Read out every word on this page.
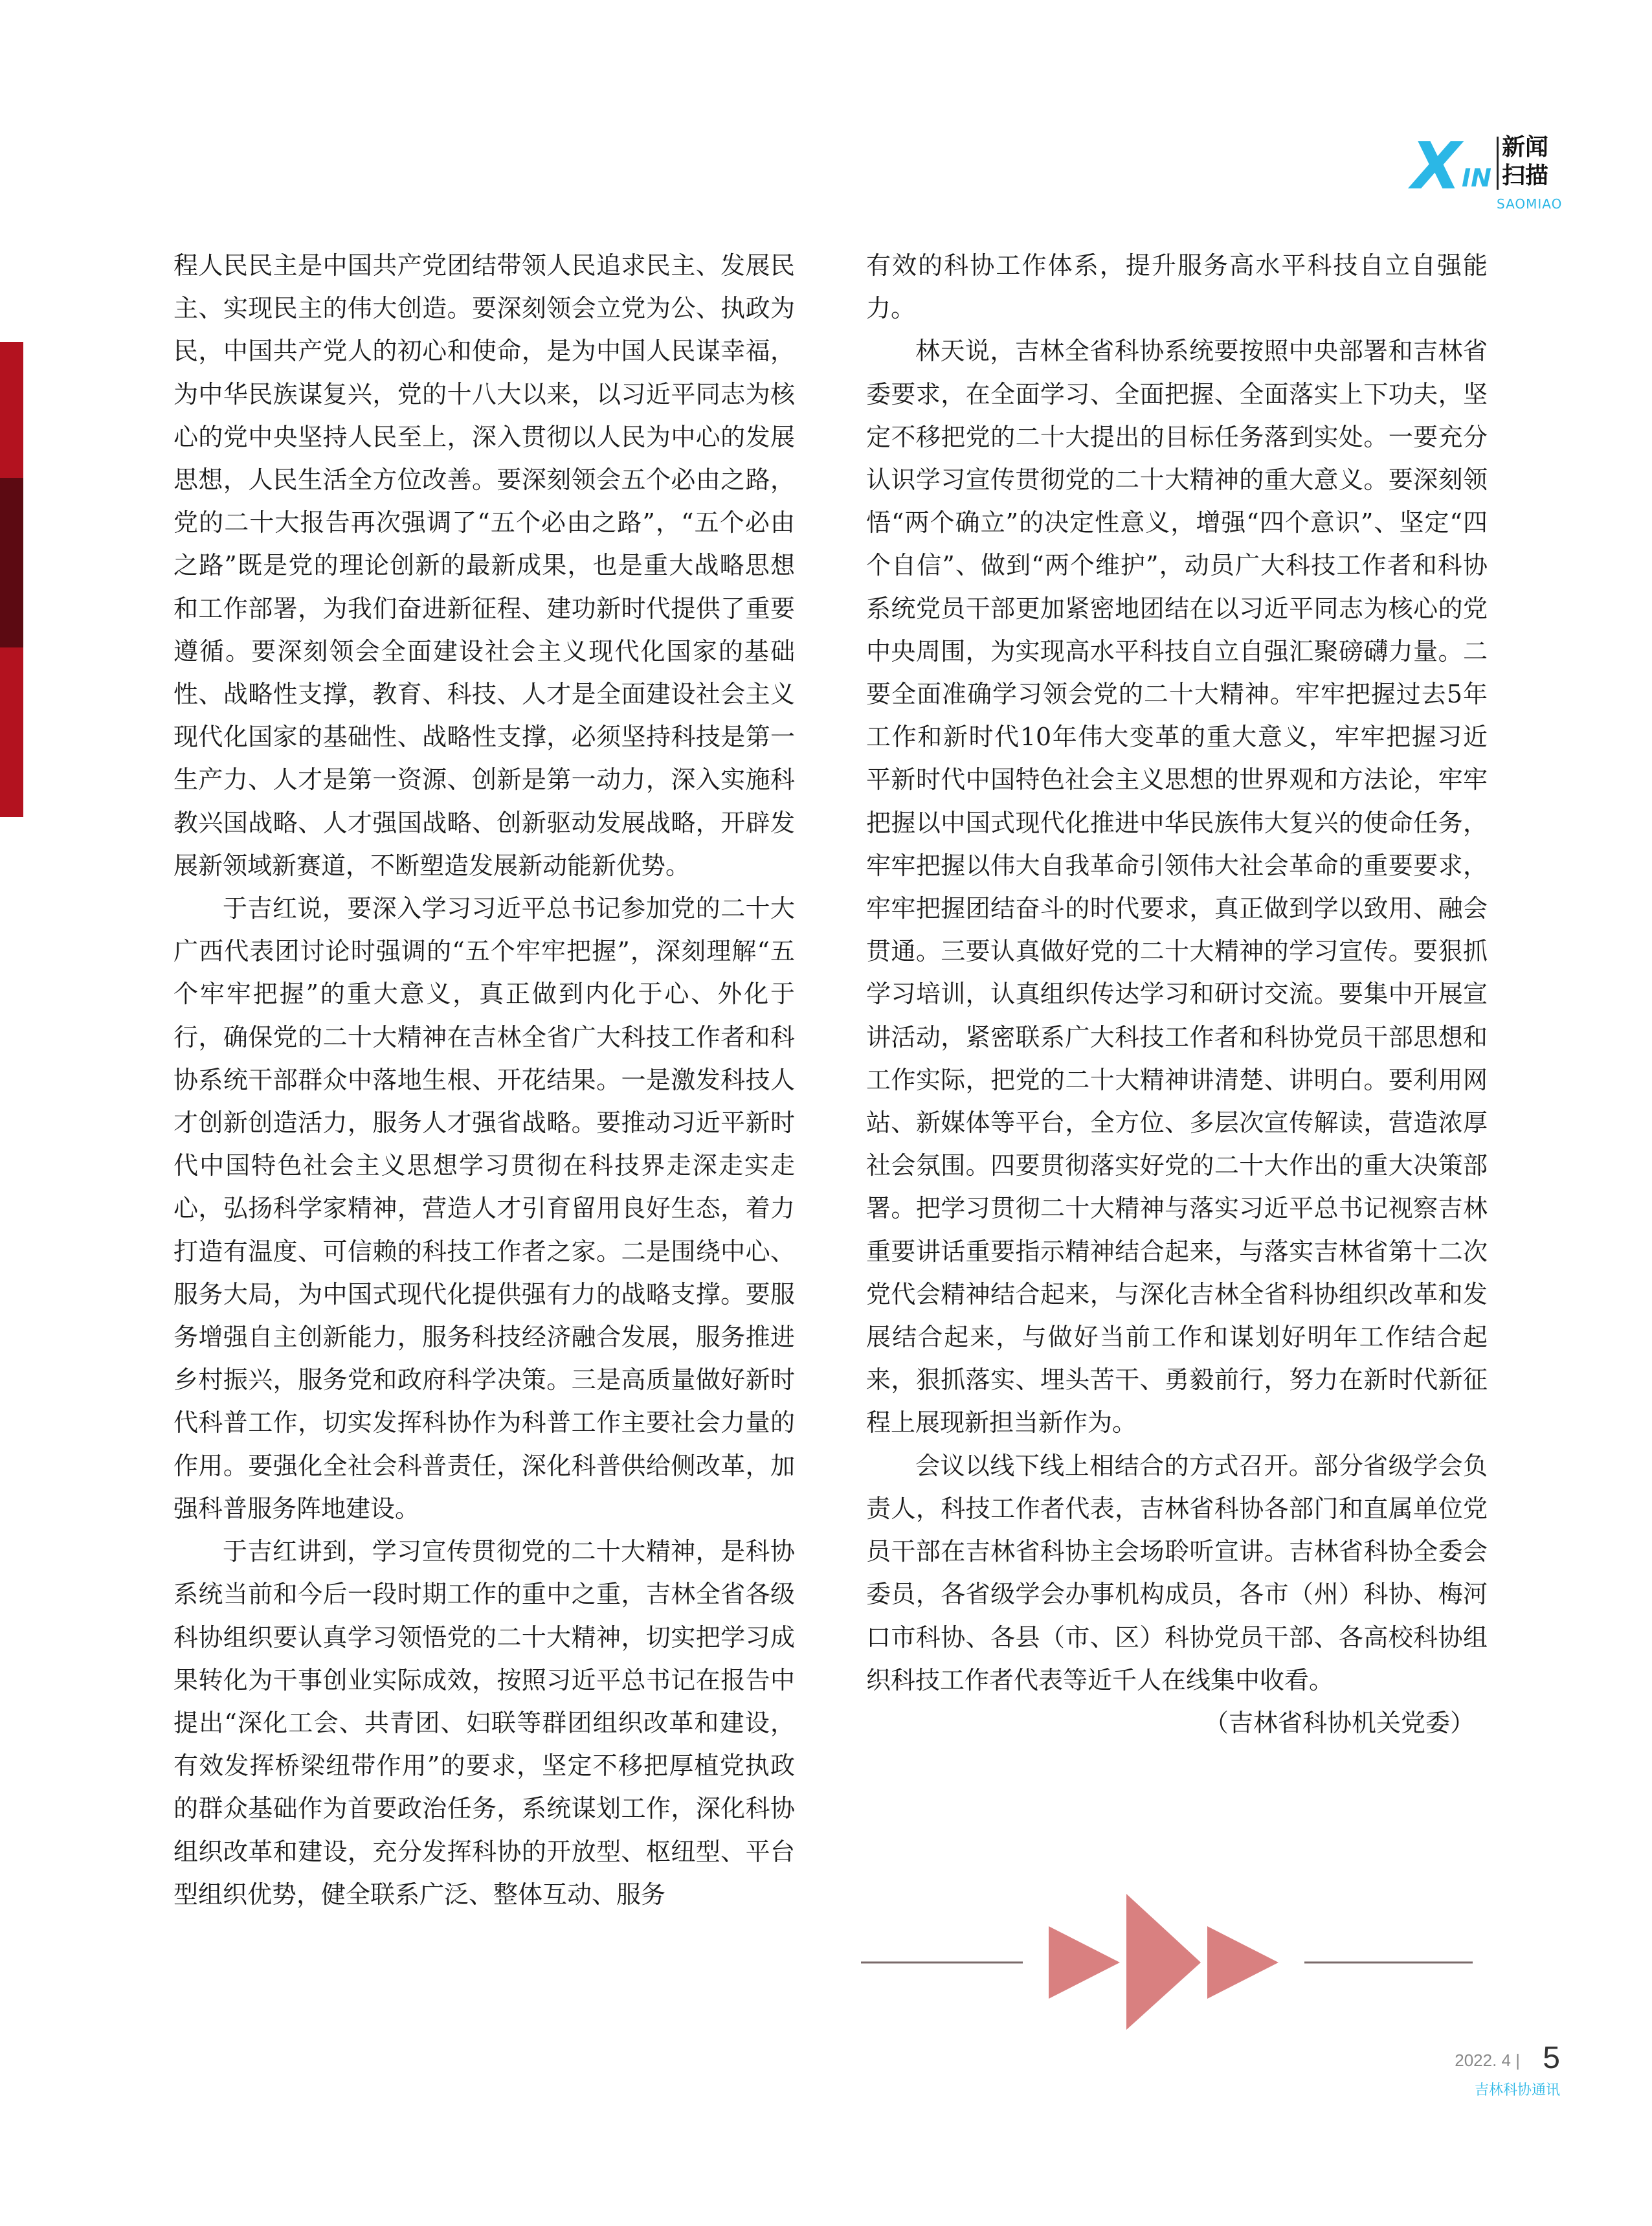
X IN
新闻
扫描
SAOMIAO

程人民民主是中国共产党团结带领人民追求民主、发展民主、实现民主的伟大创造。要深刻领会立党为公、执政为民，中国共产党人的初心和使命，是为中国人民谋幸福，为中华民族谋复兴，党的十八大以来，以习近平同志为核心的党中央坚持人民至上，深入贯彻以人民为中心的发展思想，人民生活全方位改善。要深刻领会五个必由之路，党的二十大报告再次强调了“五个必由之路”，“五个必由之路”既是党的理论创新的最新成果，也是重大战略思想和工作部署，为我们奋进新征程、建功新时代提供了重要遵循。要深刻领会全面建设社会主义现代化国家的基础性、战略性支撑，教育、科技、人才是全面建设社会主义现代化国家的基础性、战略性支撑，必须坚持科技是第一生产力、人才是第一资源、创新是第一动力，深入实施科教兴国战略、人才强国战略、创新驱动发展战略，开辟发展新领域新赛道，不断塑造发展新动能新优势。

于吉红说，要深入学习习近平总书记参加党的二十大广西代表团讨论时强调的“五个牢牢把握”，深刻理解“五个牢牢把握”的重大意义，真正做到内化于心、外化于行，确保党的二十大精神在吉林全省广大科技工作者和科协系统干部群众中落地生根、开花结果。一是激发科技人才创新创造活力，服务人才强省战略。要推动习近平新时代中国特色社会主义思想学习贯彻在科技界走深走实走心，弘扬科学家精神，营造人才引育留用良好生态，着力打造有温度、可信赖的科技工作者之家。二是围绕中心、服务大局，为中国式现代化提供强有力的战略支撑。要服务增强自主创新能力，服务科技经济融合发展，服务推进乡村振兴，服务党和政府科学决策。三是高质量做好新时代科普工作，切实发挥科协作为科普工作主要社会力量的作用。要强化全社会科普责任，深化科普供给侧改革，加强科普服务阵地建设。

于吉红讲到，学习宣传贯彻党的二十大精神，是科协系统当前和今后一段时期工作的重中之重，吉林全省各级科协组织要认真学习领悟党的二十大精神，切实把学习成果转化为干事创业实际成效，按照习近平总书记在报告中提出“深化工会、共青团、妇联等群团组织改革和建设，有效发挥桥梁纽带作用”的要求，坚定不移把厚植党执政的群众基础作为首要政治任务，系统谋划工作，深化科协组织改革和建设，充分发挥科协的开放型、枢纽型、平台型组织优势，健全联系广泛、整体互动、服务

有效的科协工作体系，提升服务高水平科技自立自强能力。

林天说，吉林全省科协系统要按照中央部署和吉林省委要求，在全面学习、全面把握、全面落实上下功夫，坚定不移把党的二十大提出的目标任务落到实处。一要充分认识学习宣传贯彻党的二十大精神的重大意义。要深刻领悟“两个确立”的决定性意义，增强“四个意识”、坚定“四个自信”、做到“两个维护”，动员广大科技工作者和科协系统党员干部更加紧密地团结在以习近平同志为核心的党中央周围，为实现高水平科技自立自强汇聚磅礴力量。二要全面准确学习领会党的二十大精神。牢牢把握过去5年工作和新时代10年伟大变革的重大意义，牢牢把握习近平新时代中国特色社会主义思想的世界观和方法论，牢牢把握以中国式现代化推进中华民族伟大复兴的使命任务，牢牢把握以伟大自我革命引领伟大社会革命的重要要求，牢牢把握团结奋斗的时代要求，真正做到学以致用、融会贯通。三要认真做好党的二十大精神的学习宣传。要狠抓学习培训，认真组织传达学习和研讨交流。要集中开展宣讲活动，紧密联系广大科技工作者和科协党员干部思想和工作实际，把党的二十大精神讲清楚、讲明白。要利用网站、新媒体等平台，全方位、多层次宣传解读，营造浓厚社会氛围。四要贯彻落实好党的二十大作出的重大决策部署。把学习贯彻二十大精神与落实习近平总书记视察吉林重要讲话重要指示精神结合起来，与落实吉林省第十二次党代会精神结合起来，与深化吉林全省科协组织改革和发展结合起来，与做好当前工作和谋划好明年工作结合起来，狠抓落实、埋头苦干、勇毅前行，努力在新时代新征程上展现新担当新作为。

会议以线下线上相结合的方式召开。部分省级学会负责人，科技工作者代表，吉林省科协各部门和直属单位党员干部在吉林省科协主会场聆听宣讲。吉林省科协全委会委员，各省级学会办事机构成员，各市（州）科协、梅河口市科协、各县（市、区）科协党员干部、各高校科协组织科技工作者代表等近千人在线集中收看。

（吉林省科协机关党委）

2022. 4 | 5
吉林科协通讯
